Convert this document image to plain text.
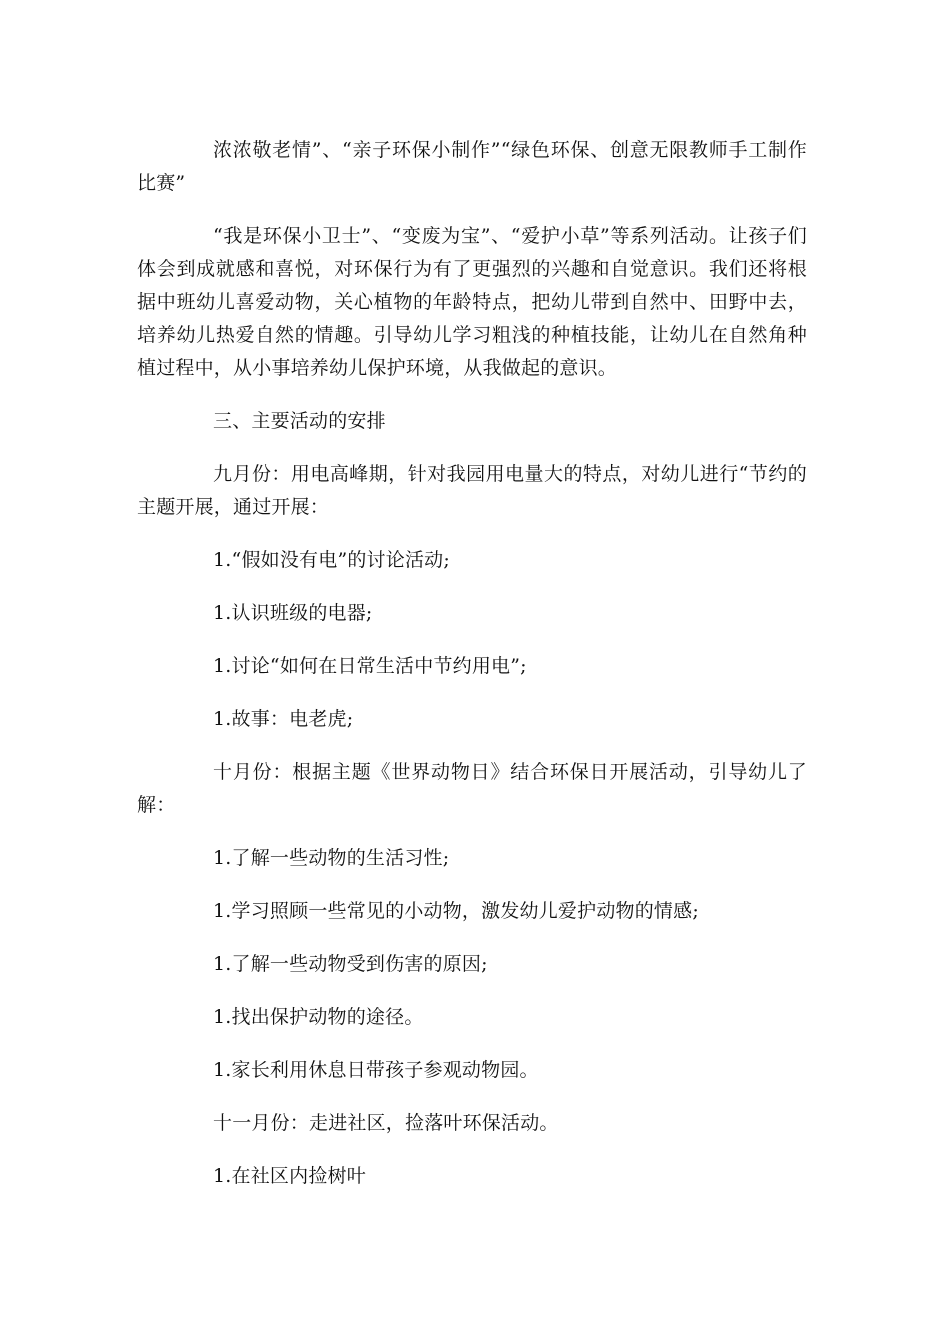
浓浓敬老情”、“亲子环保小制作”“绿色环保、创意无限教师手工制作比赛”

“我是环保小卫士”、“变废为宝”、“爱护小草”等系列活动。让孩子们体会到成就感和喜悦，对环保行为有了更强烈的兴趣和自觉意识。我们还将根据中班幼儿喜爱动物，关心植物的年龄特点，把幼儿带到自然中、田野中去，培养幼儿热爱自然的情趣。引导幼儿学习粗浅的种植技能，让幼儿在自然角种植过程中，从小事培养幼儿保护环境，从我做起的意识。

三、主要活动的安排

九月份：用电高峰期，针对我园用电量大的特点，对幼儿进行“节约的主题开展，通过开展：

1.“假如没有电”的讨论活动;

1.认识班级的电器;

1.讨论“如何在日常生活中节约用电”;

1.故事：电老虎;

十月份：根据主题《世界动物日》结合环保日开展活动，引导幼儿了解：

1.了解一些动物的生活习性;

1.学习照顾一些常见的小动物，激发幼儿爱护动物的情感;

1.了解一些动物受到伤害的原因;

1.找出保护动物的途径。

1.家长利用休息日带孩子参观动物园。

十一月份：走进社区，捡落叶环保活动。

1.在社区内捡树叶
